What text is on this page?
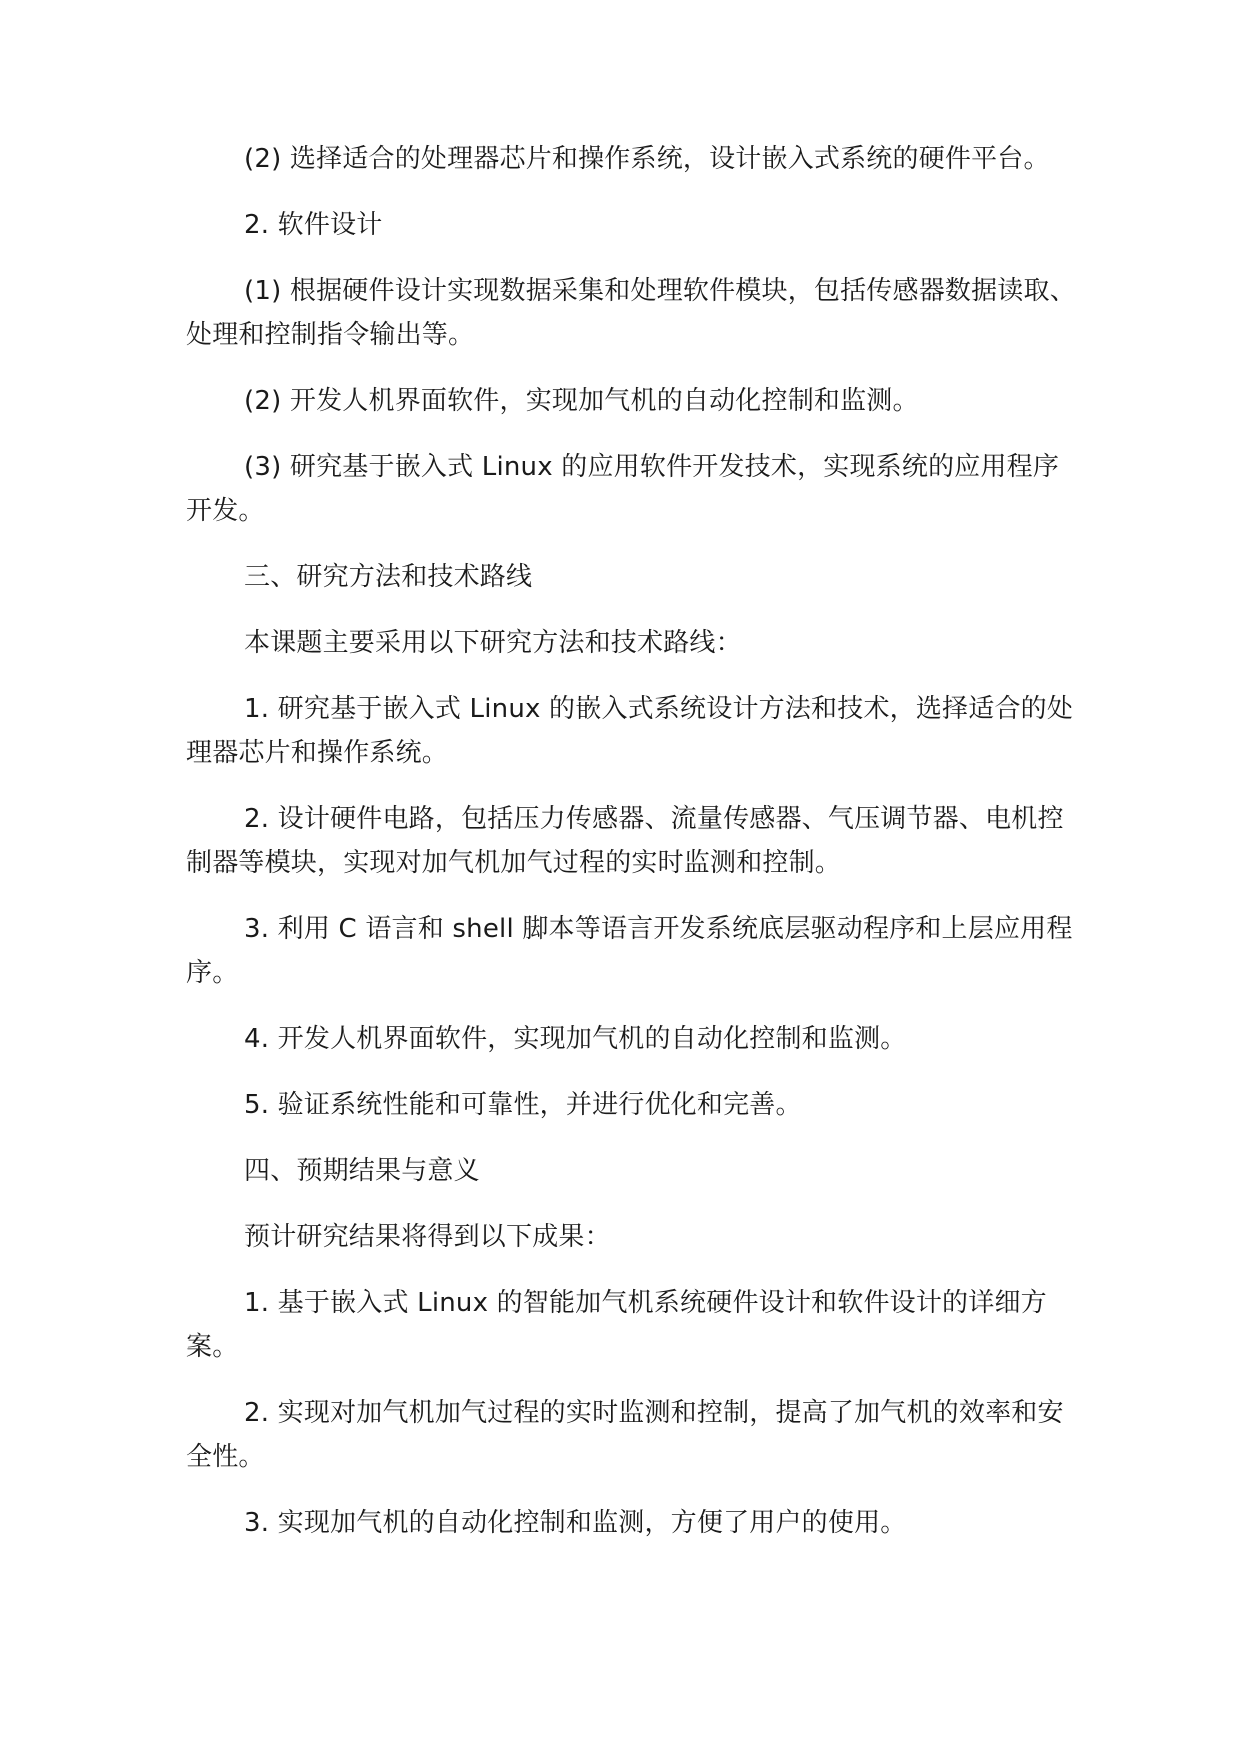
(2) 选择适合的处理器芯片和操作系统，设计嵌入式系统的硬件平台。

2. 软件设计

(1) 根据硬件设计实现数据采集和处理软件模块，包括传感器数据读取、处理和控制指令输出等。

(2) 开发人机界面软件，实现加气机的自动化控制和监测。

(3) 研究基于嵌入式 Linux 的应用软件开发技术，实现系统的应用程序开发。

三、研究方法和技术路线

本课题主要采用以下研究方法和技术路线：

1. 研究基于嵌入式 Linux 的嵌入式系统设计方法和技术，选择适合的处理器芯片和操作系统。

2. 设计硬件电路，包括压力传感器、流量传感器、气压调节器、电机控制器等模块，实现对加气机加气过程的实时监测和控制。

3. 利用 C 语言和 shell 脚本等语言开发系统底层驱动程序和上层应用程序。

4. 开发人机界面软件，实现加气机的自动化控制和监测。

5. 验证系统性能和可靠性，并进行优化和完善。

四、预期结果与意义

预计研究结果将得到以下成果：

1. 基于嵌入式 Linux 的智能加气机系统硬件设计和软件设计的详细方案。

2. 实现对加气机加气过程的实时监测和控制，提高了加气机的效率和安全性。

3. 实现加气机的自动化控制和监测，方便了用户的使用。
